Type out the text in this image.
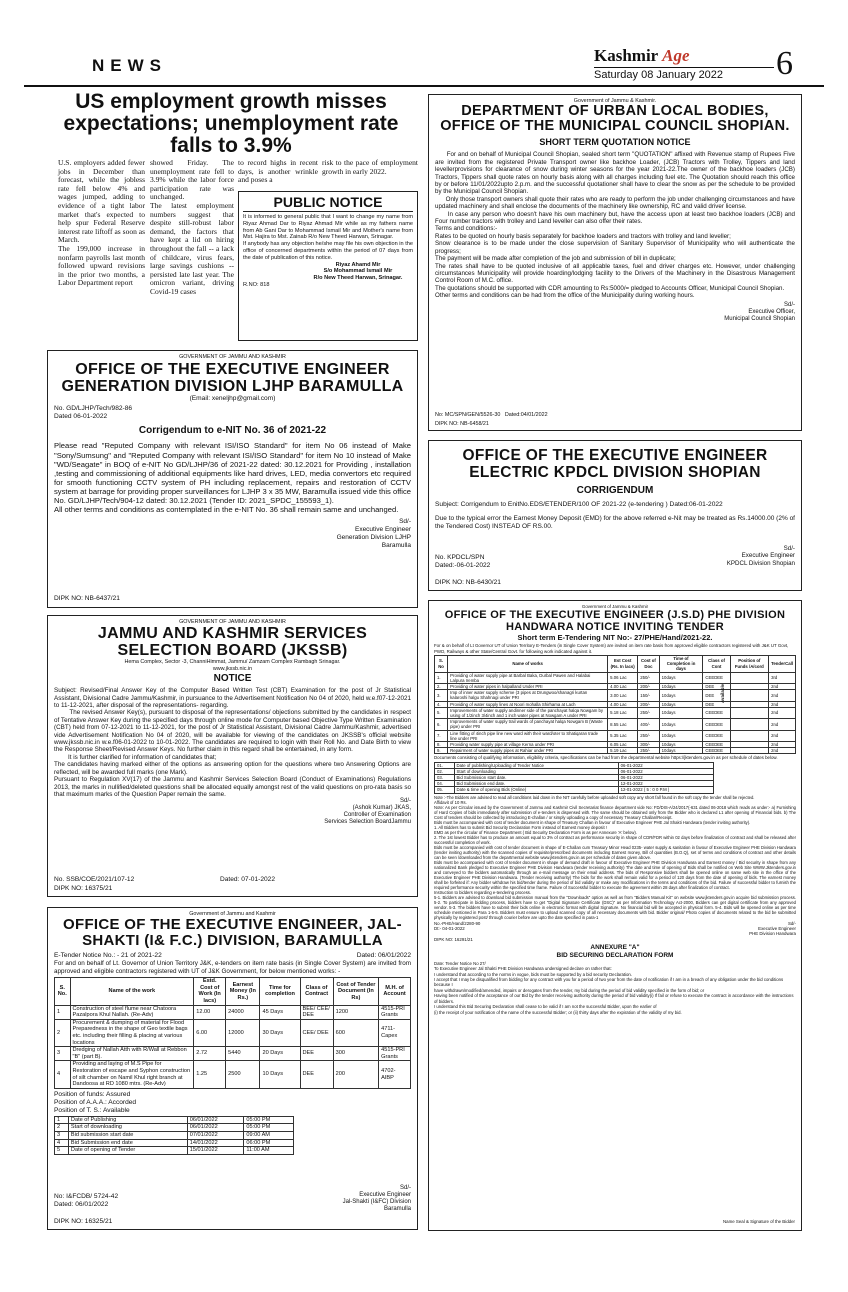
NEWS
Kashmir Age
Saturday 08 January 2022	6
US employment growth misses expectations; unemployment rate falls to 3.9%
U.S. employers added fewer jobs in December than forecast, while the jobless rate fell below 4% and wages jumped, adding to evidence of a tight labor market that's expected to help spur Federal Reserve interest rate liftoff as soon as March.
The 199,000 increase in nonfarm payrolls last month followed upward revisions in the prior two months, a Labor Department report
showed Friday. The unemployment rate fell to 3.9% while the labor force participation rate was unchanged.
The latest employment numbers suggest that despite still-robust labor demand, the factors that have kept a lid on hiring throughout the fall -- a lack of childcare, virus fears, large savings cushions -- persisted late last year. The omicron variant, driving Covid-19 cases
to record highs in recent days, is another wrinkle and poses a
risk to the pace of employment growth in early 2022.
PUBLIC NOTICE
It is informed to general public that I want to change my name from Riyaz Ahmad Dar to Riyaz Ahmad Mir while as my fathers name from Ab Gani Dar to Mohammad Ismail Mir and Mother's name from Mst. Hajira to Mst. Zainab R/o New Theed Harwan, Srinagar.
If anybody has any objection he/she may file his own objection in the office of concerned departments within the period of 07 days from the date of publication of this notice.
Riyaz Ahamd Mir
S/o Mohammad Ismail Mir
R/o New Theed Harwan, Srinagar.
R.NO: 818
GOVERNMENT OF JAMMU AND KASHMIR
OFFICE OF THE EXECUTIVE ENGINEER GENERATION DIVISION LJHP BARAMULLA
(Email: xeneljhp@gmail.com)
No. GD/LJHP/Tech/982-86
Dated 06-01-2022
Corrigendum to e-NIT No. 36 of 2021-22
Please read "Reputed Company with relevant ISI/ISO Standard" for item No 06 instead of Make "Sony/Sumsung" and "Reputed Company with relevant ISI/ISO Standard" for item No 10 instead of Make "WD/Seagate" in BOQ of e-NIT No GD/LJHP/36 of 2021-22 dated: 30.12.2021 for Providing , installation ,testing and commissioning of additional equipments like hard drives, LED, media convertors etc required for smooth functioning CCTV system of PH including replacement, repairs and restoration of CCTV system at barrage for providing proper surveillances for LJHP 3 x 35 MW, Baramulla issued vide this office No. GD/LJHP/Tech/904-12 dated: 30.12.2021 (Tender ID: 2021_SPDC_155593_1).
All other terms and conditions as contemplated in the e-NIT No. 36 shall remain same and unchanged.
Sd/-
Executive Engineer
Generation Division LJHP
Baramulla
DIPK NO: NB-6437/21
GOVERNMENT OF JAMMU AND KASHMIR
JAMMU AND KASHMIR SERVICES SELECTION BOARD (JKSSB)
Hema Complex, Sector -3, ChanniHimmat, Jammu/ Zamzam Complex Rambagh Srinagar.
www.jkssb.nic.in
NOTICE
Subject: Revised/Final Answer Key of the Computer Based Written Test (CBT) Examination for the post of Jr Statistical Assistant, Divisional Cadre Jammu/Kashmir, in pursuance to the Advertisement Notification No 04 of 2020, held w.e.f07-12-2021 to 11-12-2021, after disposal of the representations- regarding.
The revised Answer Key(s), pursuant to disposal of the representations/ objections submitted by the candidates in respect of Tentative Answer Key during the specified days through online mode for Computer based Objective Type Written Examination (CBT) held from 07-12-2021 to 11-12-2021, for the post of Jr Statistical Assistant, Divisional Cadre Jammu/Kashmir, advertised vide Advertisement Notification No 04 of 2020, will be available for viewing of the candidates on JKSSB's official website www.jkssb.nic.in w.e.f06-01-2022 to 10-01-2022. The candidates are required to login with their Roll No. and Date Birth to view the Response Sheet/Revised Answer Keys. No further claim in this regard shall be entertained, in any form.
It is further clarified for information of candidates that;
The candidates having marked either of the options as answering option for the questions where two Answering Options are reflected, will be awarded full marks (one Mark).
Pursuant to Regulation XV(17) of the Jammu and Kashmir Services Selection Board (Conduct of Examinations) Regulations 2013, the marks in nullified/deleted questions shall be allocated equally amongst rest of the valid questions on pro-rata basis so that maximum marks of the Question Paper remain the same.
Sd/-
(Ashok Kumar) JKAS,
Controller of Examination
Services Selection BoardJammu
No. SSB/COE/2021/107-12	Dated: 07-01-2022
DIPK NO: 16375/21
Government of Jammu and Kashmir
OFFICE OF THE EXECUTIVE ENGINEER, JAL-SHAKTI (I& F.C.) DIVISION, BARAMULLA
E-Tender Notice No.: - 21 of 2021-22	Dated: 06/01/2022
For and on behalf of Lt. Governor of Union Territory J&K, e-tenders on item rate basis (in Single Cover System) are invited from approved and eligible contractors registered with UT of J&K Government, for below mentioned works: -
S. No.	Name of the work	Estd. Cost of Work (In lacs)	Earnest Money (In Rs.)	Time for completion	Class of Contract	Cost of Tender Document (In Rs)	M.H. of Account
1	Construction of steel flume near Chatoora Pazalpora Khul Nallah. (Re-Adv)	12.00	24000	45 Days	BEE/ CEE/ DEE	1200	4515-PRI Grants
2	Procurement & dumping of material for Flood Preparedness in the shape of Geo textile bags etc. including their filling & placing at various locations	6.00	12000	30 Days	CEE/ DEE	600	4711-Capex
3	Dredging of Nallah Atth with R/Wall at Rebbon "B" (part B).	2.72	5440	20 Days	DEE	300	4515-PRI Grants
4	Providing and laying of M.S Pipe for Restoration of escape and Syphon construction of silt chamber on Namil Khul right branch at Dandoosa at RD 1080 mtrs. (Re-Adv)	1.25	2500	10 Days	DEE	200	4702-AIBP
Position of funds: Assured
Position of A.A.A.: Accorded
Position of T. S.: Available
1	Date of Publishing	06/01/2022	05:00 PM
2	Start of downloading	06/01/2022	05:00 PM
3	Bid submission start date	07/01/2022	09:00 AM
4	Bid Submission end date	14/01/2022	06:00 PM
5	Date of opening of Tender	15/01/2022	11:00 AM
No: I&FCDB/ 5724-42
Dated: 06/01/2022
Sd/-
Executive Engineer
Jal-Shakti (I&FC) Division
Baramulla
DIPK NO: 16325/21
Government of Jammu & Kashmir.
DEPARTMENT OF URBAN LOCAL BODIES, OFFICE OF THE MUNICIPAL COUNCIL SHOPIAN.
SHORT TERM QUOTATION NOTICE
For and on behalf of Municipal Council Shopian, sealed short term "QUOTATION" affixed with Revenue stamp of Rupees Five are invited from the registered Private Transport owner like backhoe Loader, (JCB) Tractors with Trolley, Tippers and land levellerprovisions for clearance of snow during winter seasons for the year 2021-22.The owner of the backhoe loaders (JCB) Tractors, Tippers shall quote rates on hourly basis along with all charges including fuel etc. The Quotation should reach this office by or before 11/01/2022upto 2.p.m. and the successful quotationer shall have to clear the snow as per the schedule to be provided by the Municipal Council Shopian.
Only those transport owners shall quote their rates who are ready to perform the job under challenging circumstances and have updated machinery and shall enclose the documents of the machinery like ownership, RC and valid driver license.
In case any person who doesn't have his own machinery but, have the access upon at least two backhoe loaders (JCB) and Four number tractors with trolley and Land leveller can also offer their rates.
Terms and conditions:-
Rates to be quoted on hourly basis separately for backhoe loaders and tractors with trolley and land leveller;
Snow clearance is to be made under the close supervision of Sanitary Supervisor of Municipality who will authenticate the progress;
The payment will be made after completion of the job and submission of bill in duplicate;
The rates shall have to be quoted inclusive of all applicable taxes, fuel and driver charges etc. However, under challenging circumstances Municipality will provide hoarding/lodging facility to the Drivers of the Machinery in the Disastrous Management Control Room of M.C. office.
The quotations should be supported with CDR amounting to Rs:5000/= pledged to Accounts Officer, Municipal Council Shopian.
Other terms and conditions can be had from the office of the Municipality during working hours.
Sd/-
Executive Officer,
Municipal Council Shopian
No: MC/SPN/GEN/5526-30 Dated:04/01/2022
DIPK NO: NB-6458/21
OFFICE OF THE EXECUTIVE ENGINEER ELECTRIC KPDCL DIVISION SHOPIAN
CORRIGENDUM
Subject: Corrigendum to EnitNo.EDS/ETENDER/100 OF 2021-22 (e-tendering ) Dated:06-01-2022
Due to the typical error the Earnest Money Deposit (EMD) for the above referred e-Nit may be treated as Rs.14000.00 (2% of the Tendered Cost) INSTEAD OF RS.00.
No. KPDCL/SPN
Dated:-06-01-2022
Sd/-
Executive Engineer
KPDCL Division Shopian
DIPK NO: NB-6430/21
Government of Jammu & Kashmir
OFFICE OF THE EXECUTIVE ENGINEER (J.S.D) PHE DIVISION HANDWARA NOTICE INVITING TENDER
Short term E-Tendering NIT No:- 27/PHE/Hand/2021-22.
For & on behalf of Lt Governor UT of Union Territory E-Tenders (in Single Cover System) are invited on item rate basis from approved eligible contractors registered with J&K UT Govt, PWD, Railways & other State/Central Govt. for following work indicated against it.
S. No	Name of works	Est Cost (Rs. In lacs)	Cost of Doc	Time of Completion in days	Class of Cont	Position of Funds /A/cord	TenderCall
1.	Providing of water supply pipe at Barbal Baka, Durbal Pawen and Halabai Lalpura Iremba	5.06 Lac	250/-	10days	CEEDEE		3rd
2.	Providing of water pipes in halpalland Under PRI	4.00 Lac	200/-	10days	DEE		2nd
3.	Imp of inner water supply scheme (3 pipes at Drungwoo/shanagri kurtan kalaroshi halgu Shahnagi under PRI	3.00 Lac	150/-	10days	DEE		2nd
4.	Providing of water supply lines at Noori mohalla Shirhama at Lach	4.00 Lac	200/-	10days	DEE		2nd
5.	Improvements of water supply andinner side of the panchayat halqa Nowgam by using of 1/2inch 3/4inch and 1 inch water pipes at Nowgam A under PRI	5.18 Lac	250/-	10days	CEEDEE		2nd
6.	Improvements of water supply trail wards of panchayat halqa Nowgam B (Waste pipe) under PRI	8.55 Lac	400/-	10days	CEEDEE		2nd
7.	Line fitting of 4inch pipe line new ward with their ward/oter to Shatiqaran trade line under PRI	5.35 Lac	250/-	10days	CEEDEE		2nd
8.	Providing water supply pipe at village Kerna under PRI	6.05 Lac	300/-	10days	CEEDEE		2nd
9.	Repairment of water supply pipes at Rahiar under PRI	5.19 Lac	250/-	10days	CEEDEE		2nd
Available
Documents consisting of qualifying information, eligibility criteria, specifications can be had from the departmental website https://jktenders.gov.in as per schedule of dates below.
01.	Date of publishing/Uploading of Tender Notice	06-01-2022
02.	Start of downloading	06-01-2022
03.	Bid Submission start date.	06-01-2022
04.	Bid Submission end date.	12-01-2022
05.	Date & time of opening Bids (Online)	12-01-2022 ( 5 : 0 0 P.M )
Note :-The Bidders are advised to read all conditions laid down in the NIT carefully before uploaded soft copy any short fall found in the soft copy the tender shall be rejected.
Affidavit of 10 Rs.
Note: As per Circular issued by the Government of Jammu and Kashmir Civil Secretariat finance department vide No: FD/DIS-A/24/2017(-631 dated 06-2018 which reads as under:- a) Furnishing of Hard Copies of bids immediately after submission of e-tenders is dispensed with. The same should be obtained only from the Bidder who is declared L1 after opening of Financial bids. b) The Cost of tenders should be collected by introducing E-challan / or simply uploading a copy of necessary Treasury Challan/Receipt.
Bids must be accompanied with cost of tender document in shape of Treasury Challan in favour of Executive Engineer PHE Jal Shakti Handwara (tender inviting authority).
1. All Bidders has to submit Bid Security Declaration Form instead of Earnest money deposit !
EMD as per the circular of Finance Department ( Bid Security Declaration Form is as per Annexure 'A' below).
2. The 1st lowest Bidder has to produce an amount equal to 3% of contract as performance security in shape of CDR/FDR within 02 days before finalization of contract and shall be released after successful completion of work.
Bids must be accompanied with cost of tender document in shape of E-Challan cum Treasury Minor Head 0235- water supply & sanitation in favour of Executive Engineer PHE Division Handwara (tender inviting authority) with the scanned copies of requisite/prescribed documents including Earnest money, Bill of quantities (B.O.Q), set of terms and conditions of contract and other details can be seen /downloaded from the departmental website www.jktenders.gov.in as per schedule of dates given above.
Bids must be accompanied with cost of tender document in shape of demand draft in favour of Executive Engineer PHE Division Handwara and Earnest money / Bid security in shape from any nationalized Bank pledged to Executive Engineer PHE Division Handwara (tender receiving authority) The date and time of opening of Bids shall be notified on Web Site WWW.Jktenders.gov.in and conveyed to the bidders automatically through an e-mail message on their email address. The bids of Responsive bidders shall be opened online on same web site in the office of the Executive Engineer PHE Division Handwara. (Tender receiving authority) The bids for the work shall remain valid for a period of 120 days from the date of opening of bids. The earnest money shall be forfeited if: Any bidder withdraw his bid/tender during the period of bid validity or make any modifications in the terms and conditions of the bid. Failure of successful bidder to furnish the required performance security within the specified time frame. Failure of Successful bidder to execute the agreement within 28 days after finalization of contract.
Instruction to bidders regarding e-tendering process.
5-1. Bidders are advised to download bid submission manual from the "Downloads" option as well as from "Bidders Manual Kit" on website www.jktenders.gov.in acquire bid submission process. 5-2. To participate in bidding process, bidders have to get "Digital Signature Certificate (DSC)" as per Information Technology Act-2000, Bidders can get digital certificate from any approved vendor. 5-3. The bidders have to submit their bids online in electronic format with digital Signature. No financial bid will be accepted in physical form. 5-4. Bids will be opened online as per time schedule mentioned in Para 1-5-5. Bidders must ensure to upload scanned copy of all necessary documents with bid. Bidder original/ Photo copies of documents related to the bid be submitted physically by registered post/ through courier before are upto the date specified in para-1
No.-PHE/Hand/2280-90
Dt:- 04-01-2022
Sd/-
Executive Engineer
PHE Division Handwara
DIPK NO: 16291/21
ANNEXURE "A"
BID SECURING DECLARATION FORM
Date: Tender Notice No 27/
To Executive Engineer Jal Shakti PHE Division Handwara undersigned declare on rather that:
I understand that according to the norms in vogue, bids must be supported by a bid security Declaration.
I accept that I may be disqualified from bidding for any contract with you for a period of two year from the date of notification if I am in a breach of any obligation under the bid conditions because I
have withdrawn/modified/amended, impairs or derogates from the tender, my bid during the period of bid validity specified in the form of bid; or
Having been notified of the acceptance of our Bid by the tender receiving authority during the period of bid validity(i) If fail or refuse to execute the contract in accordance with the instructions of bidders.
I understand this Bid Securing Declaration shall cease to be valid if I am not the successful Bidder, upon the earlier of
(i) the receipt of your notification of the name of the successful Bidder; or (ii) thirty days after the expiration of the validity of my bid.
Name Seal & Signature of the Bidder
